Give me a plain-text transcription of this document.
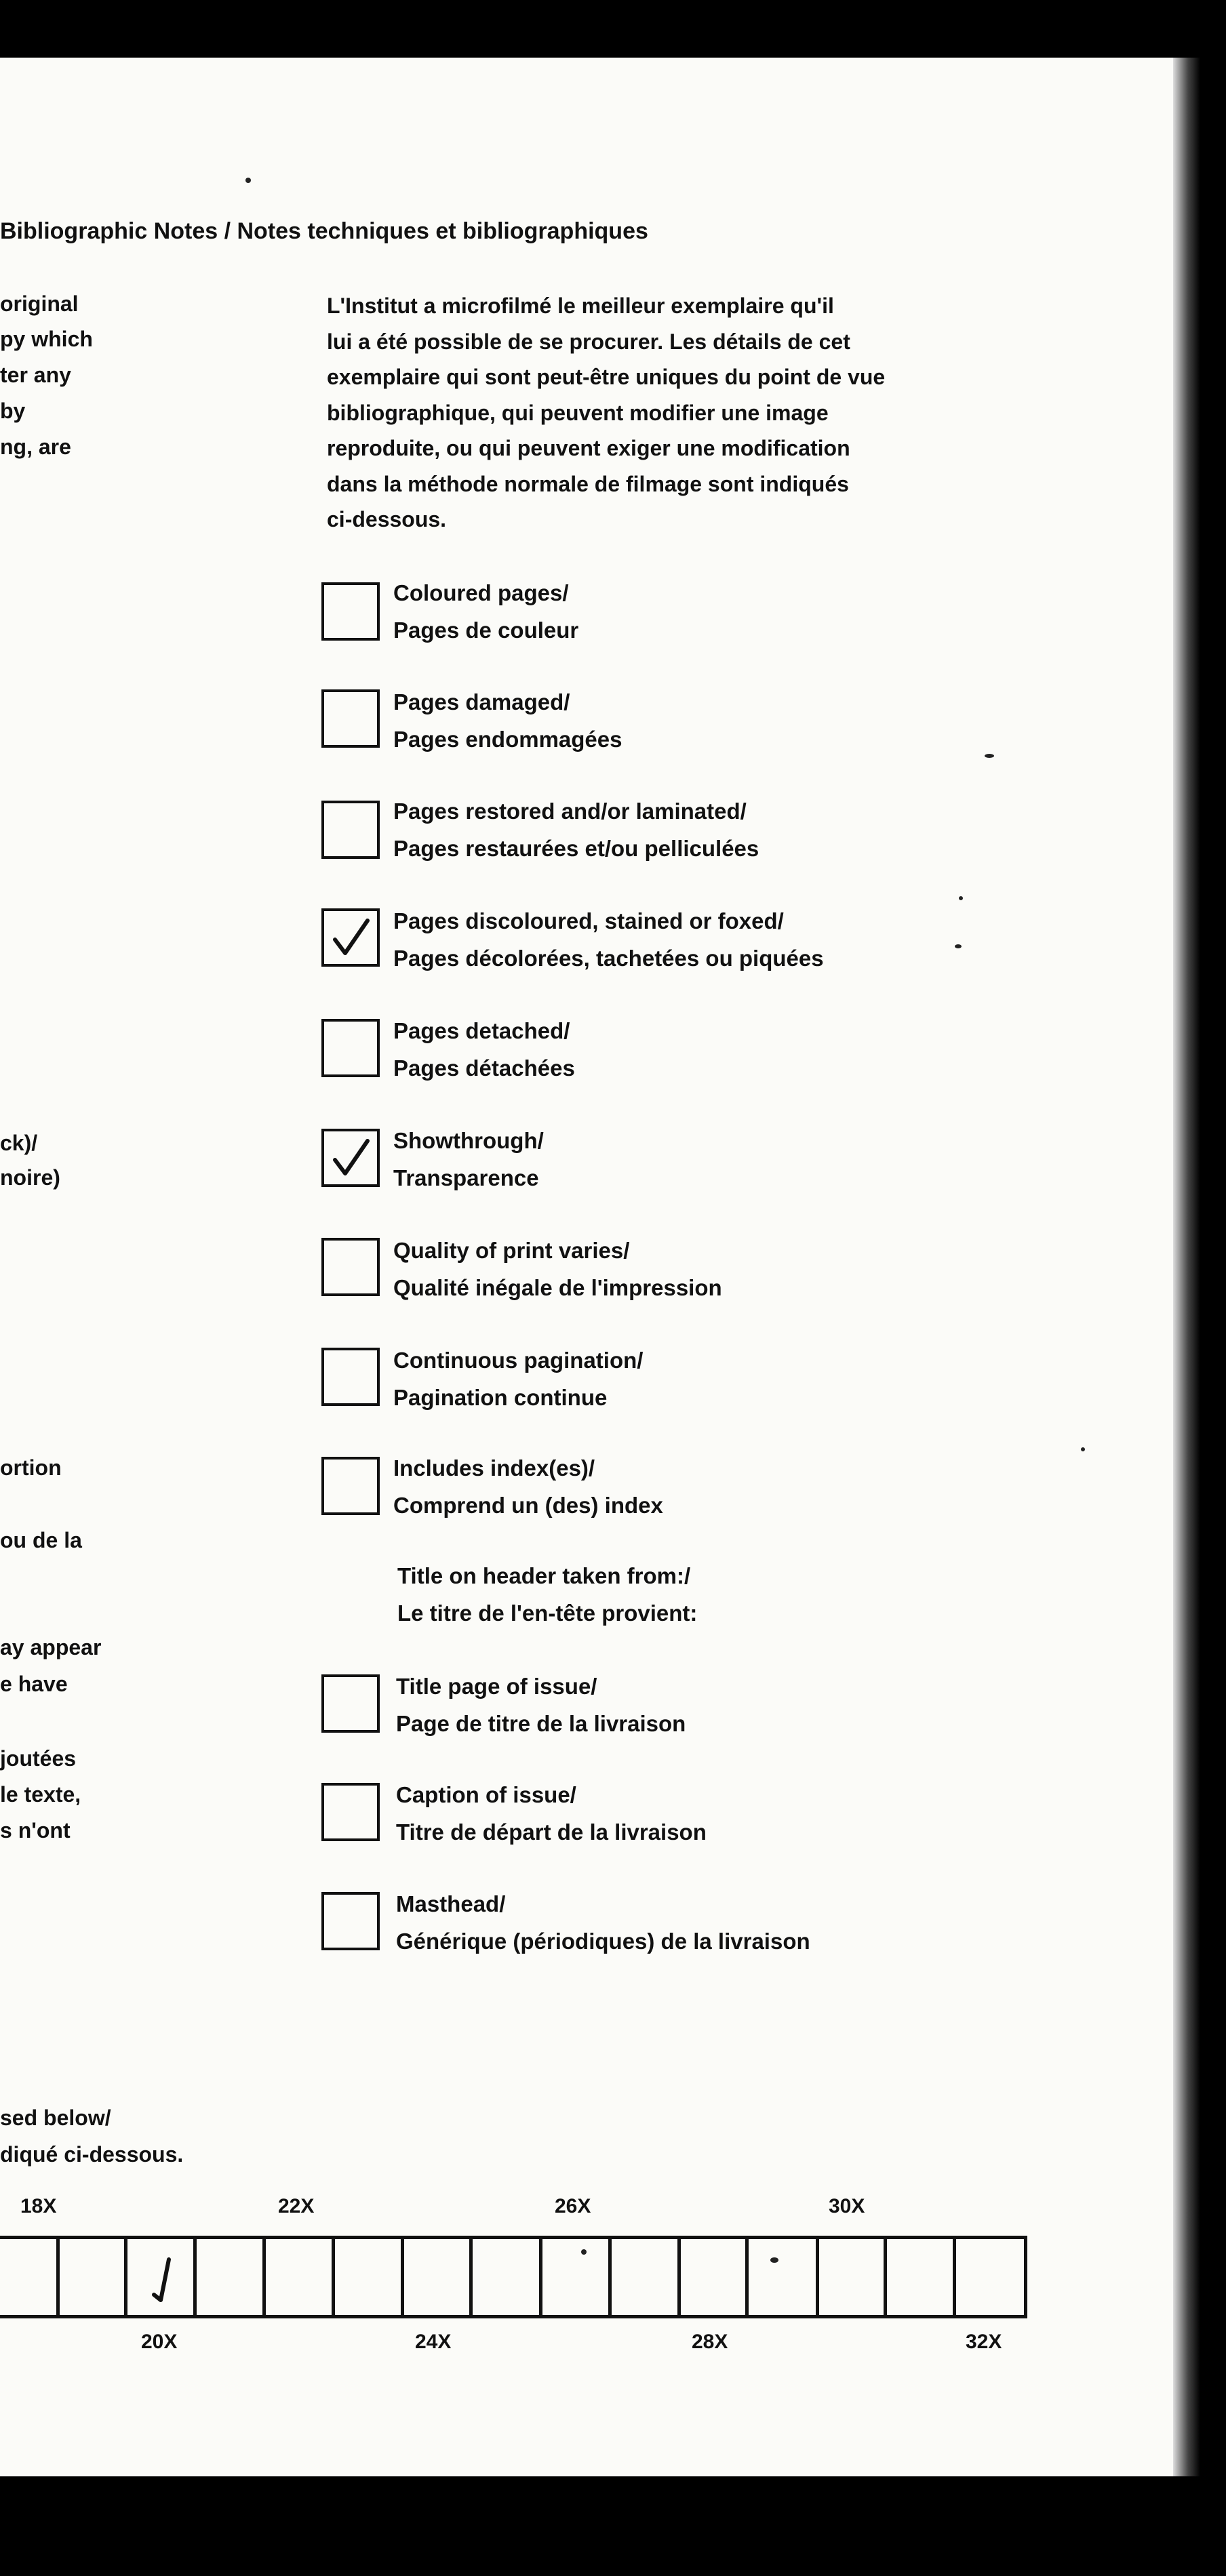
Bibliographic Notes / Notes techniques et bibliographiques
original
py which
ter any
by
ng, are
ck)/
noire)
ortion
ou de la
ay appear
e have
joutées
le texte,
s n'ont
sed below/
diqué ci-dessous.
L'Institut a microfilmé le meilleur exemplaire qu'il
lui a été possible de se procurer. Les détails de cet
exemplaire qui sont peut-être uniques du point de vue
bibliographique, qui peuvent modifier une image
reproduite, ou qui peuvent exiger une modification
dans la méthode normale de filmage sont indiqués
ci-dessous.
Coloured pages/
Pages de couleur
Pages damaged/
Pages endommagées
Pages restored and/or laminated/
Pages restaurées et/ou pelliculées
Pages discoloured, stained or foxed/
Pages décolorées, tachetées ou piquées
Pages detached/
Pages détachées
Showthrough/
Transparence
Quality of print varies/
Qualité inégale de l'impression
Continuous pagination/
Pagination continue
Includes index(es)/
Comprend un (des) index
Title on header taken from:/
Le titre de l'en-tête provient:
Title page of issue/
Page de titre de la livraison
Caption of issue/
Titre de départ de la livraison
Masthead/
Générique (périodiques) de la livraison
18X	22X	26X	30X
20X	24X	28X	32X
